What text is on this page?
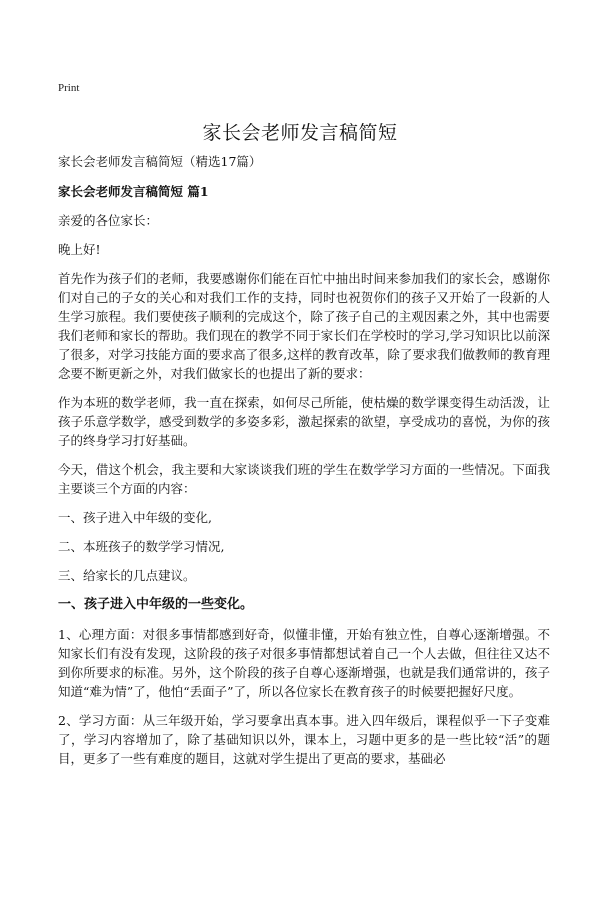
Print
家长会老师发言稿简短

家长会老师发言稿简短（精选17篇）

家长会老师发言稿简短 篇1

亲爱的各位家长：

晚上好!

首先作为孩子们的老师，我要感谢你们能在百忙中抽出时间来参加我们的家长会，感谢你们对自己的子女的关心和对我们工作的支持，同时也祝贺你们的孩子又开始了一段新的人生学习旅程。我们要使孩子顺利的完成这个，除了孩子自己的主观因素之外，其中也需要我们老师和家长的帮助。我们现在的教学不同于家长们在学校时的学习,学习知识比以前深了很多，对学习技能方面的要求高了很多,这样的教育改革，除了要求我们做教师的教育理念要不断更新之外，对我们做家长的也提出了新的要求：

作为本班的数学老师，我一直在探索，如何尽己所能，使枯燥的数学课变得生动活泼，让孩子乐意学数学，感受到数学的多姿多彩，激起探索的欲望，享受成功的喜悦，为你的孩子的终身学习打好基础。

今天，借这个机会，我主要和大家谈谈我们班的学生在数学学习方面的一些情况。下面我主要谈三个方面的内容：

一、孩子进入中年级的变化,

二、本班孩子的数学学习情况,

三、给家长的几点建议。

一、孩子进入中年级的一些变化。

1、心理方面：对很多事情都感到好奇，似懂非懂，开始有独立性，自尊心逐渐增强。不知家长们有没有发现，这阶段的孩子对很多事情都想试着自己一个人去做，但往往又达不到你所要求的标准。另外，这个阶段的孩子自尊心逐渐增强，也就是我们通常讲的，孩子知道“难为情”了，他怕“丢面子”了，所以各位家长在教育孩子的时候要把握好尺度。

2、学习方面：从三年级开始，学习要拿出真本事。进入四年级后，课程似乎一下子变难了，学习内容增加了，除了基础知识以外，课本上，习题中更多的是一些比较“活”的题目，更多了一些有难度的题目，这就对学生提出了更高的要求，基础必
